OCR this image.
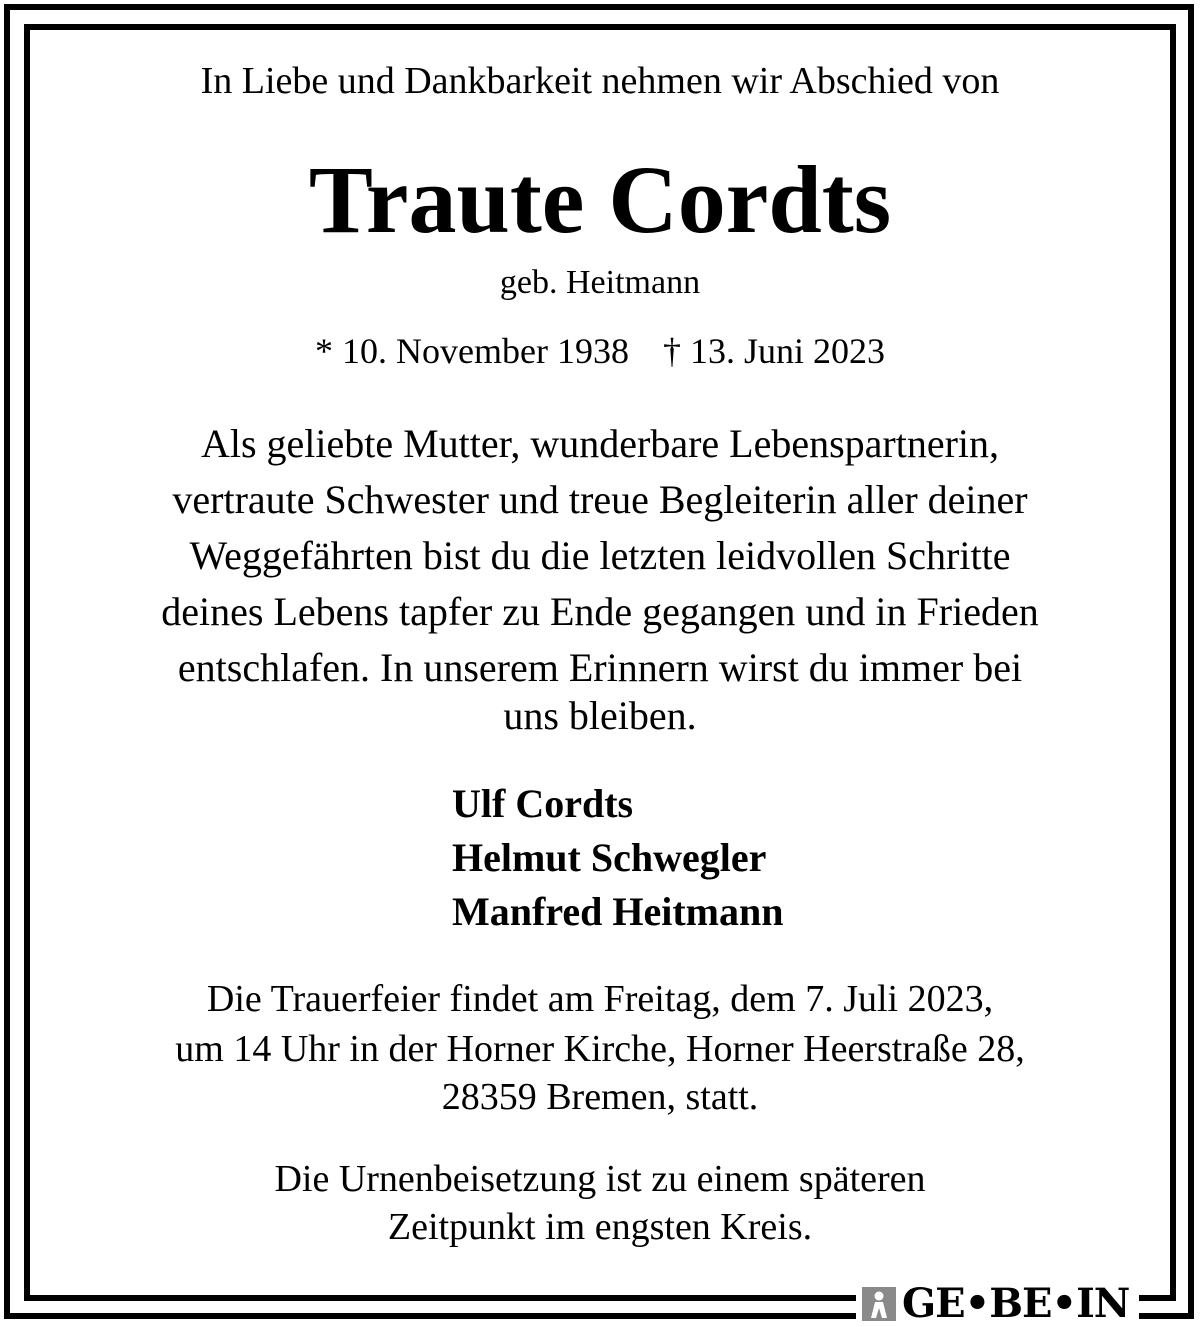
In Liebe und Dankbarkeit nehmen wir Abschied von
Traute Cordts
geb. Heitmann
* 10. November 1938 † 13. Juni 2023
Als geliebte Mutter, wunderbare Lebenspartnerin,
vertraute Schwester und treue Begleiterin aller deiner
Weggefährten bist du die letzten leidvollen Schritte
deines Lebens tapfer zu Ende gegangen und in Frieden
entschlafen. In unserem Erinnern wirst du immer bei
uns bleiben.
Ulf Cordts
Helmut Schwegler
Manfred Heitmann
Die Trauerfeier findet am Freitag, dem 7. Juli 2023,
um 14 Uhr in der Horner Kirche, Horner Heerstraße 28,
28359 Bremen, statt.
Die Urnenbeisetzung ist zu einem späteren
Zeitpunkt im engsten Kreis.
GE•BE•IN
